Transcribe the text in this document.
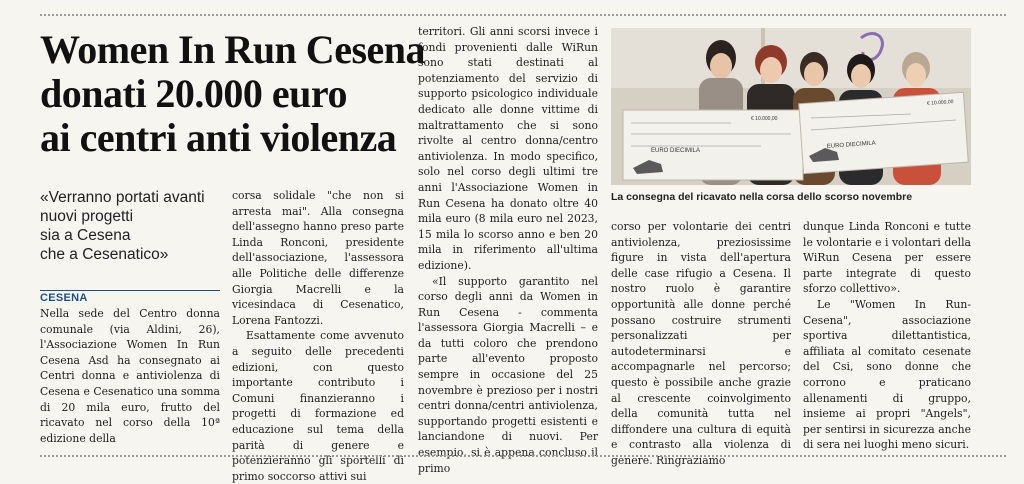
Women In Run Cesena
donati 20.000 euro
ai centri anti violenza
«Verranno portati avanti
nuovi progetti
sia a Cesena
che a Cesenatico»
CESENA

Nella sede del Centro donna comunale (via Aldini, 26), l'Associazione Women In Run Cesena Asd ha consegnato ai Centri donna e antiviolenza di Cesena e Cesenatico una somma di 20 mila euro, frutto del ricavato nel corso della 10ª edizione della

corsa solidale "che non si arresta mai". Alla consegna dell'assegno hanno preso parte Linda Ronconi, presidente dell'associazione, l'assessora alle Politiche delle differenze Giorgia Macrelli e la vicesindaca di Cesenatico, Lorena Fantozzi.

Esattamente come avvenuto a seguito delle precedenti edizioni, con questo importante contributo i Comuni finanzieranno i progetti di formazione ed educazione sul tema della parità di genere e potenzieranno gli sportelli di primo soccorso attivi sui

territori. Gli anni scorsi invece i fondi provenienti dalle WiRun sono stati destinati al potenziamento del servizio di supporto psicologico individuale dedicato alle donne vittime di maltrattamento che si sono rivolte al centro donna/centro antiviolenza. In modo specifico, solo nel corso degli ultimi tre anni l'Associazione Women in Run Cesena ha donato oltre 40 mila euro (8 mila euro nel 2023, 15 mila lo scorso anno e ben 20 mila in riferimento all'ultima edizione).

«Il supporto garantito nel corso degli anni da Women in Run Cesena - commenta l'assessora Giorgia Macrelli – e da tutti coloro che prendono parte all'evento proposto sempre in occasione del 25 novembre è prezioso per i nostri centri donna/centri antiviolenza, supportando progetti esistenti e lanciandone di nuovi. Per esempio, si è appena concluso il primo

EURO DIECIMILA
€ 10.000,00
EURO DIECIMILA
€ 10.000,00
La consegna del ricavato nella corsa dello scorso novembre

corso per volontarie dei centri antiviolenza, preziosissime figure in vista dell'apertura delle case rifugio a Cesena. Il nostro ruolo è garantire opportunità alle donne perché possano costruire strumenti personalizzati per autodeterminarsi e accompagnarle nel percorso; questo è possibile anche grazie al crescente coinvolgimento della comunità tutta nel diffondere una cultura di equità e contrasto alla violenza di genere. Ringraziamo

dunque Linda Ronconi e tutte le volontarie e i volontari della WiRun Cesena per essere parte integrate di questo sforzo collettivo».

Le "Women In Run-Cesena", associazione sportiva dilettantistica, affiliata al comitato cesenate del Csi, sono donne che corrono e praticano allenamenti di gruppo, insieme ai propri "Angels", per sentirsi in sicurezza anche di sera nei luoghi meno sicuri.
